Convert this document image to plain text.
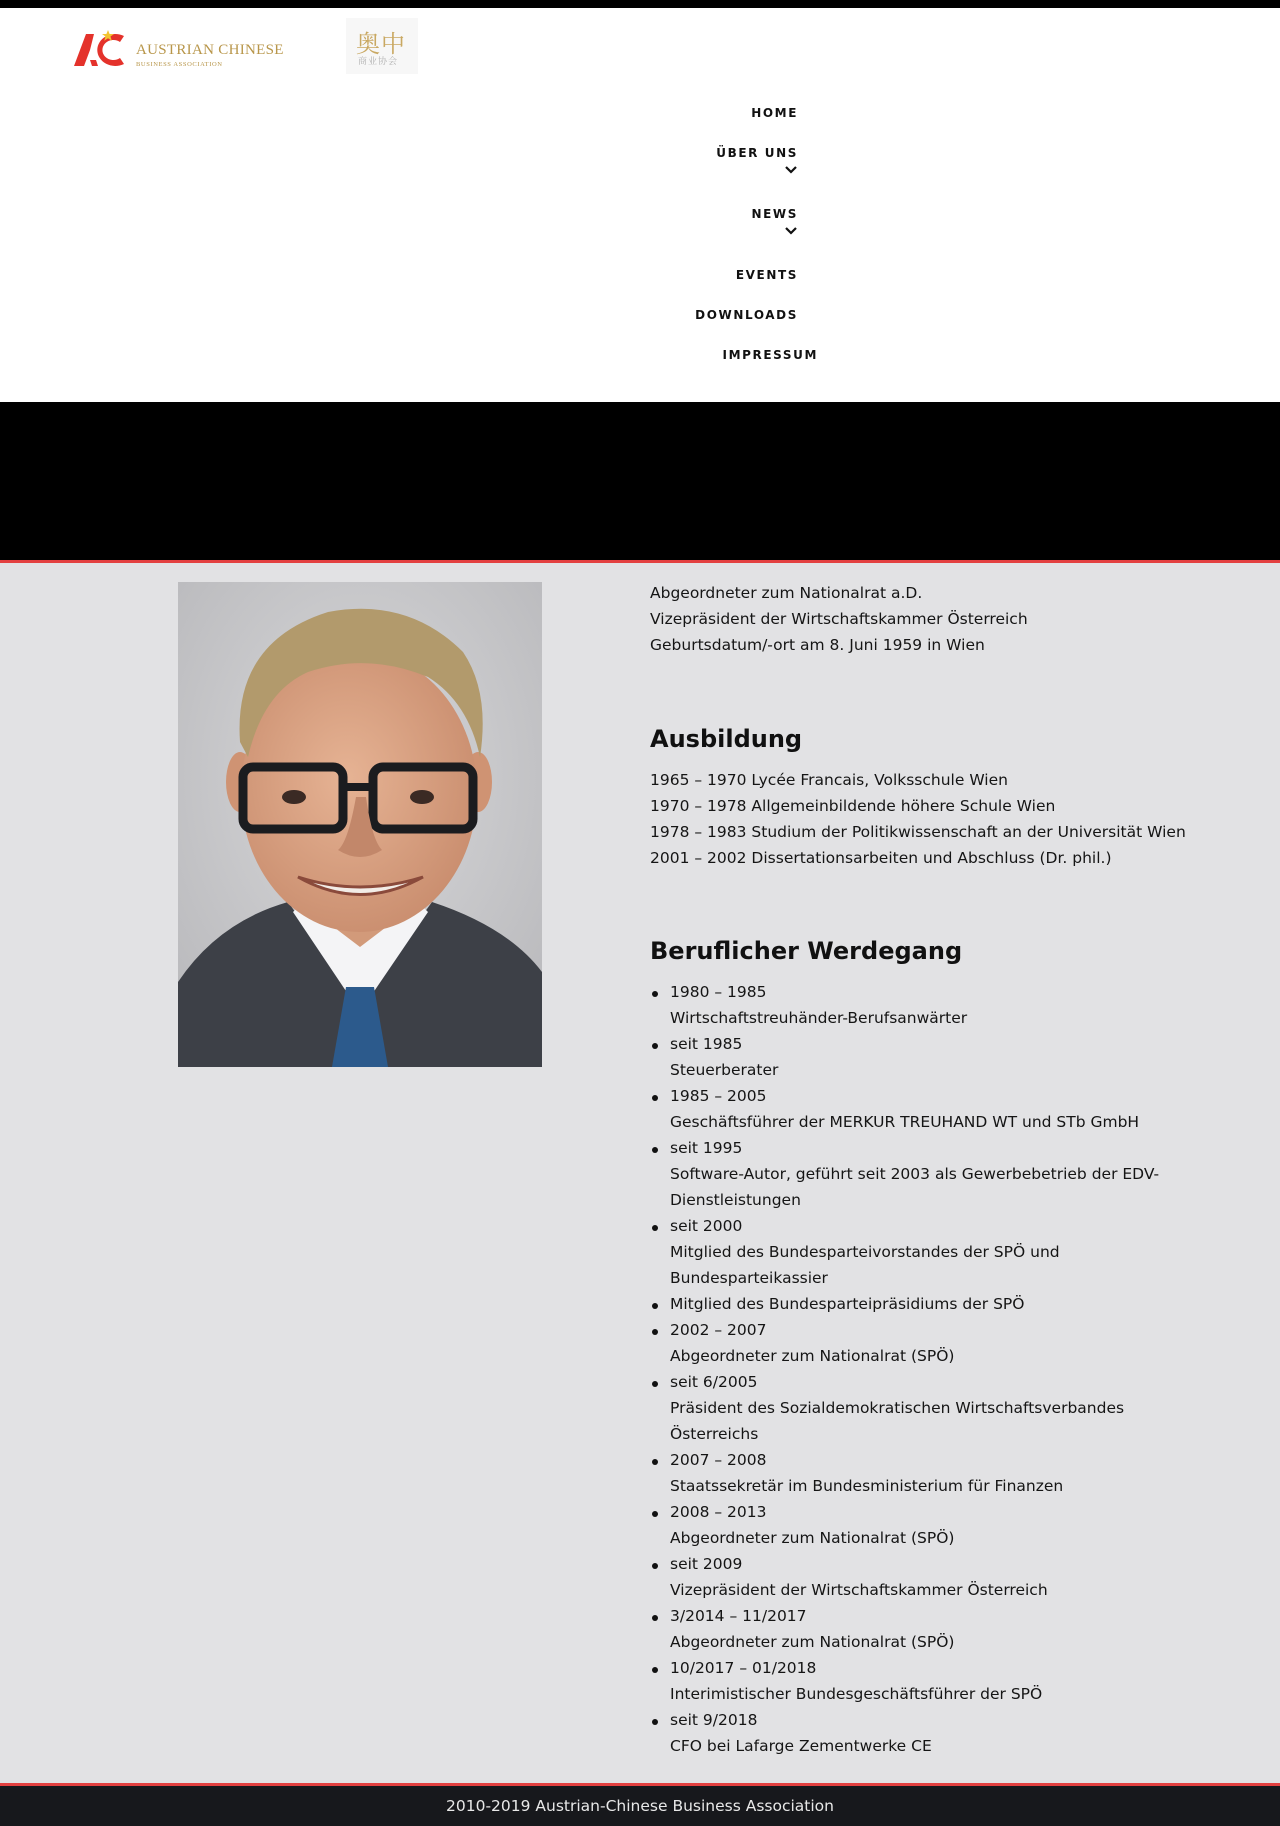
AUSTRIAN CHINESE
BUSINESS ASSOCIATION
奥中
商业协会
HOME
ÜBER UNS
NEWS
EVENTS
DOWNLOADS
IMPRESSUM
Abgeordneter zum Nationalrat a.D.
Vizepräsident der Wirtschaftskammer Österreich
Geburtsdatum/-ort am 8. Juni 1959 in Wien
Ausbildung
1965 – 1970 Lycée Francais, Volksschule Wien
1970 – 1978 Allgemeinbildende höhere Schule Wien
1978 – 1983 Studium der Politikwissenschaft an der Universität Wien
2001 – 2002 Dissertationsarbeiten und Abschluss (Dr. phil.)
Beruflicher Werdegang
1980 – 1985
Wirtschaftstreuhänder-Berufsanwärter
seit 1985
Steuerberater
1985 – 2005
Geschäftsführer der MERKUR TREUHAND WT und STb GmbH
seit 1995
Software-Autor, geführt seit 2003 als Gewerbebetrieb der EDV-
Dienstleistungen
seit 2000
Mitglied des Bundesparteivorstandes der SPÖ und
Bundesparteikassier
Mitglied des Bundesparteipräsidiums der SPÖ
2002 – 2007
Abgeordneter zum Nationalrat (SPÖ)
seit 6/2005
Präsident des Sozialdemokratischen Wirtschaftsverbandes
Österreichs
2007 – 2008
Staatssekretär im Bundesministerium für Finanzen
2008 – 2013
Abgeordneter zum Nationalrat (SPÖ)
seit 2009
Vizepräsident der Wirtschaftskammer Österreich
3/2014 – 11/2017
Abgeordneter zum Nationalrat (SPÖ)
10/2017 – 01/2018
Interimistischer Bundesgeschäftsführer der SPÖ
seit 9/2018
CFO bei Lafarge Zementwerke CE
2010-2019 Austrian-Chinese Business Association
